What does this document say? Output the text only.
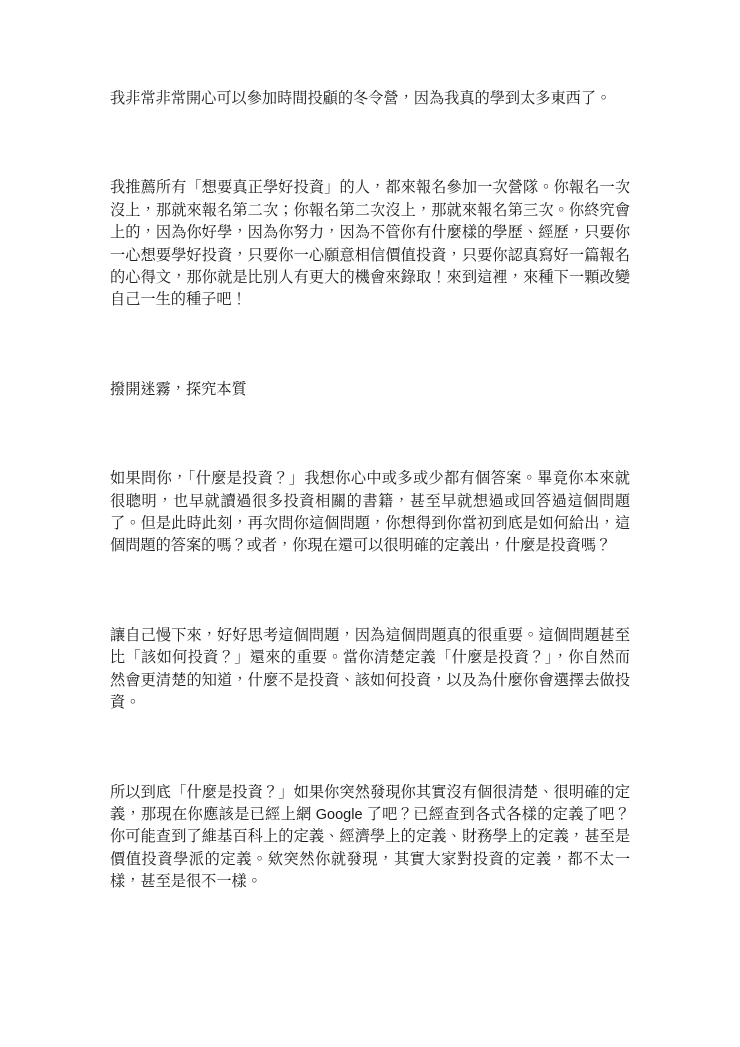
我非常非常開心可以參加時間投顧的冬令營，因為我真的學到太多東西了。

我推薦所有「想要真正學好投資」的人，都來報名參加一次營隊。你報名一次沒上，那就來報名第二次；你報名第二次沒上，那就來報名第三次。你終究會上的，因為你好學，因為你努力，因為不管你有什麼樣的學歷、經歷，只要你一心想要學好投資，只要你一心願意相信價值投資，只要你認真寫好一篇報名的心得文，那你就是比別人有更大的機會來錄取！來到這裡，來種下一顆改變自己一生的種子吧！

撥開迷霧，探究本質

如果問你，「什麼是投資？」我想你心中或多或少都有個答案。畢竟你本來就很聰明，也早就讀過很多投資相關的書籍，甚至早就想過或回答過這個問題了。但是此時此刻，再次問你這個問題，你想得到你當初到底是如何給出，這個問題的答案的嗎？或者，你現在還可以很明確的定義出，什麼是投資嗎？

讓自己慢下來，好好思考這個問題，因為這個問題真的很重要。這個問題甚至比「該如何投資？」還來的重要。當你清楚定義「什麼是投資？」，你自然而然會更清楚的知道，什麼不是投資、該如何投資，以及為什麼你會選擇去做投資。

所以到底「什麼是投資？」如果你突然發現你其實沒有個很清楚、很明確的定義，那現在你應該是已經上網 Google 了吧？已經查到各式各樣的定義了吧？你可能查到了維基百科上的定義、經濟學上的定義、財務學上的定義，甚至是價值投資學派的定義。欸突然你就發現，其實大家對投資的定義，都不太一樣，甚至是很不一樣。
